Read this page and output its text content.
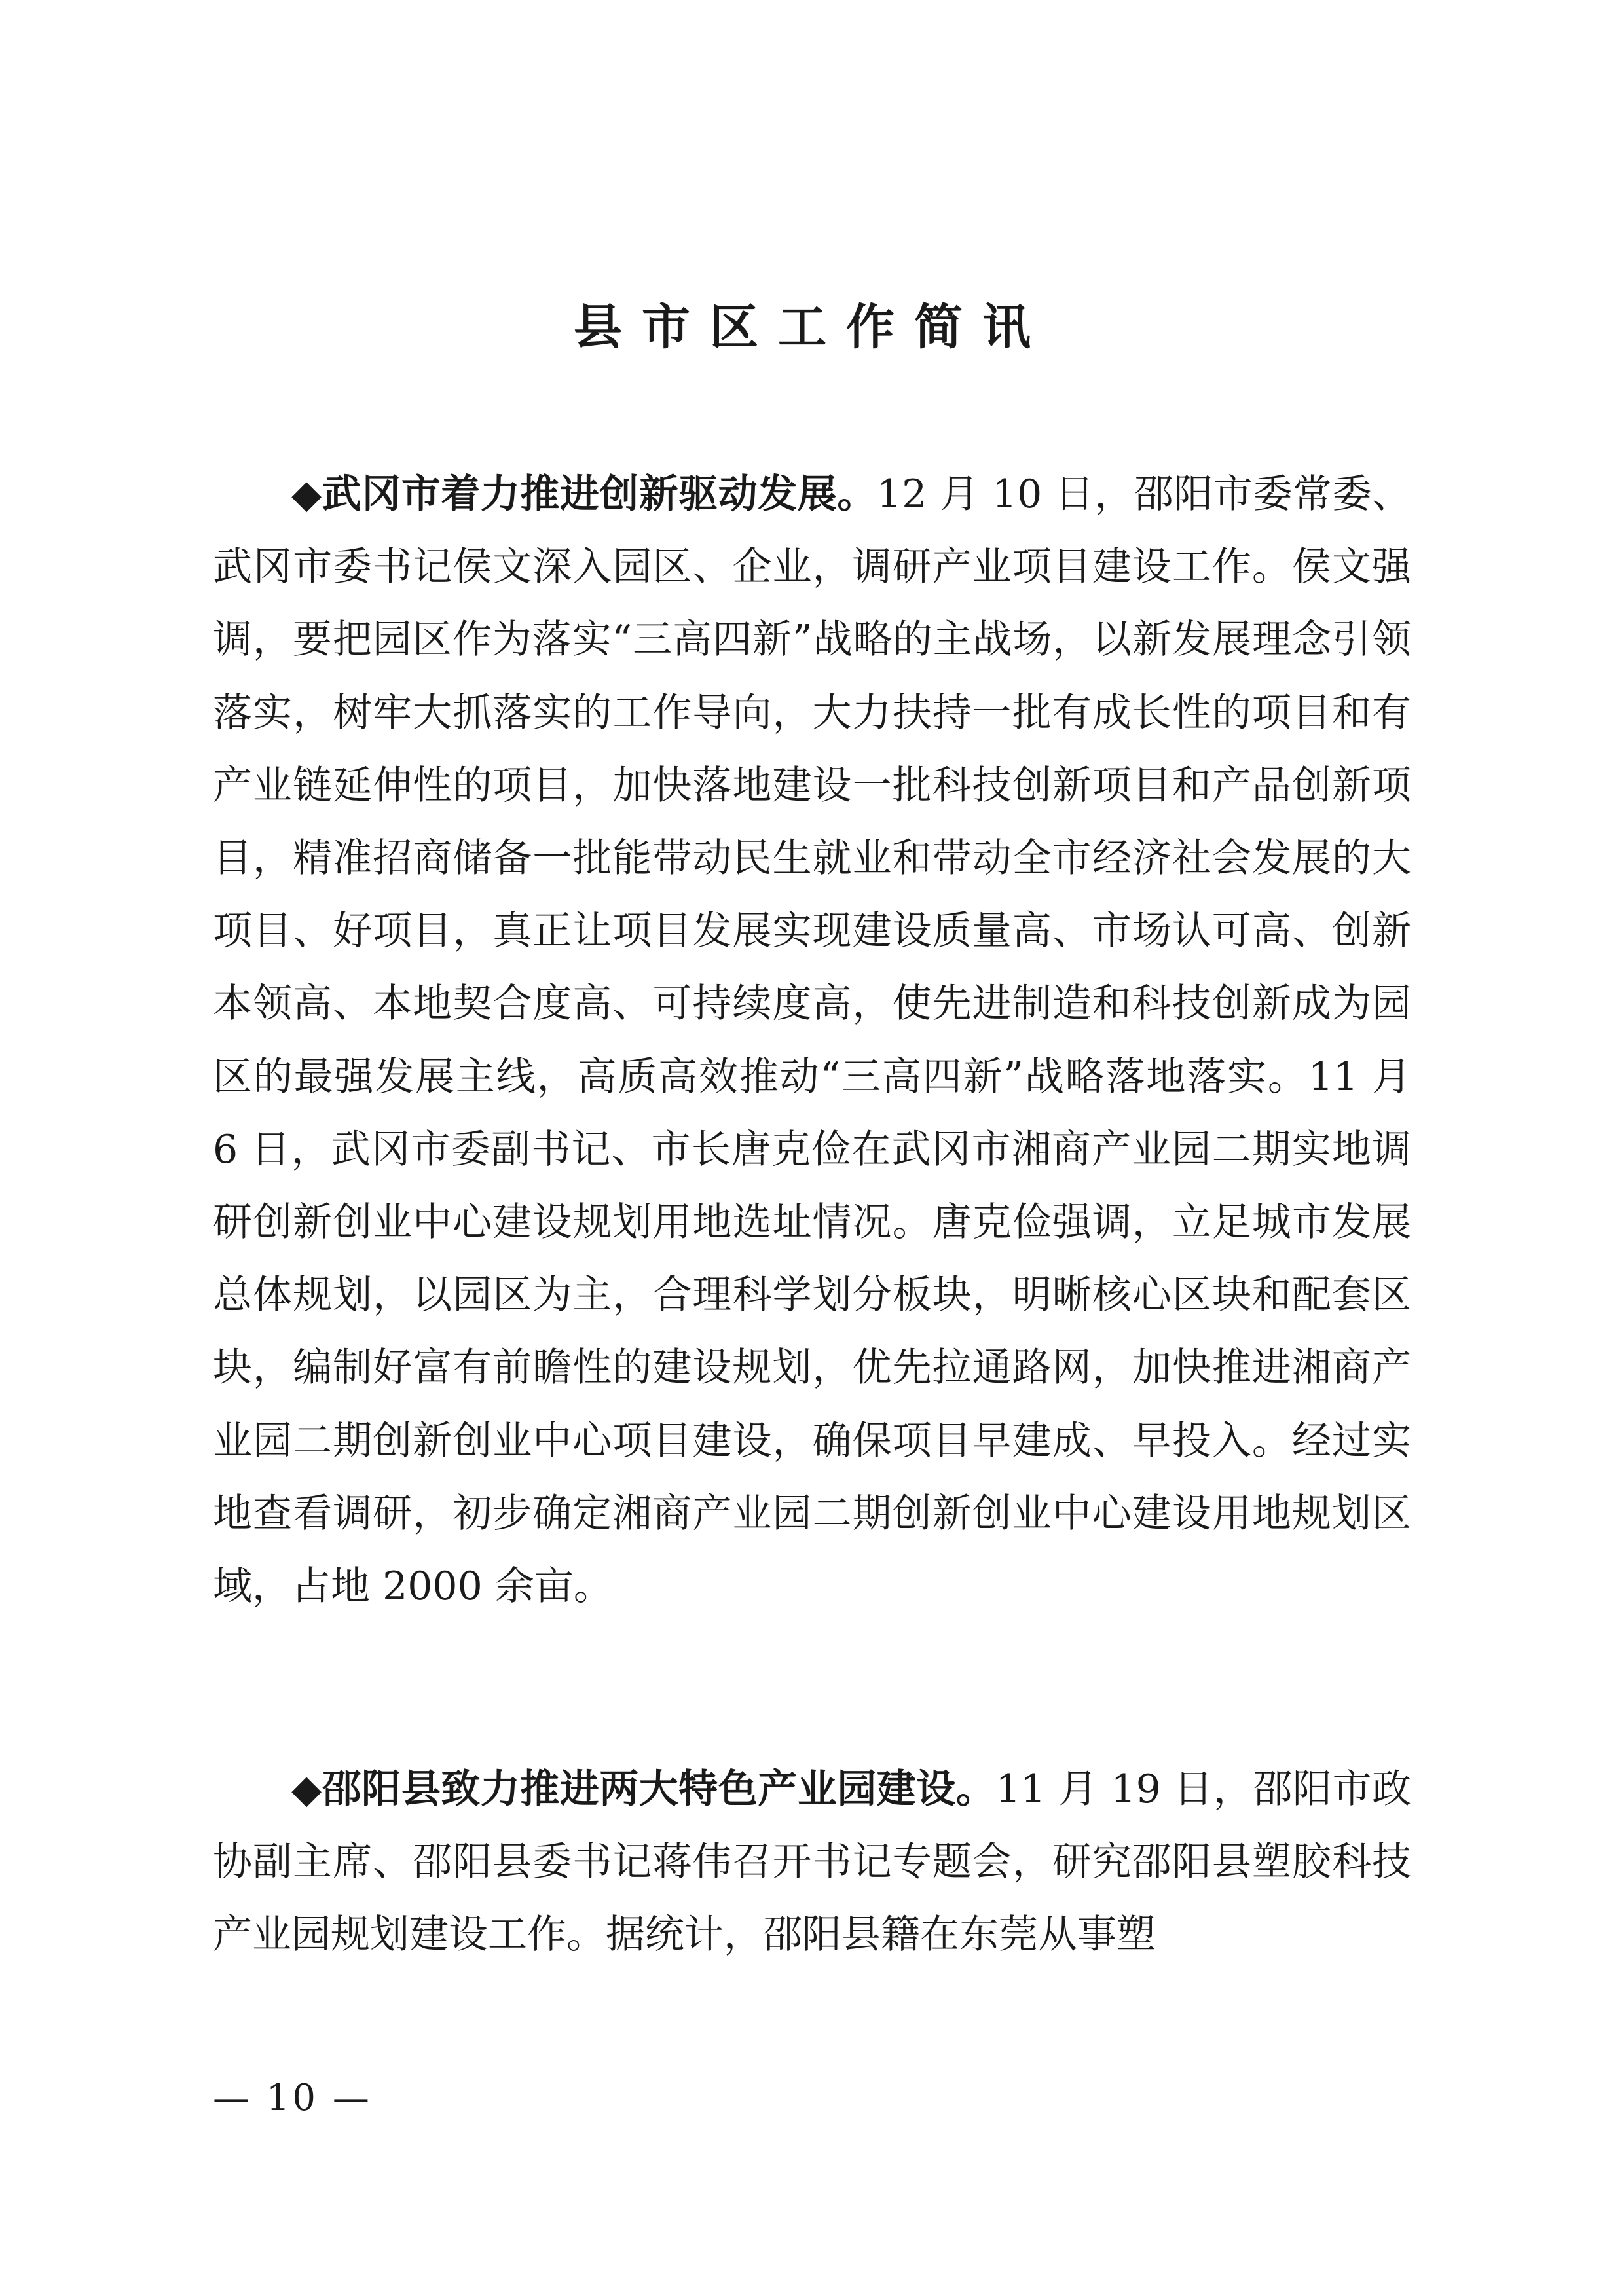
县市区工作简讯

◆武冈市着力推进创新驱动发展。12 月 10 日，邵阳市委常委、武冈市委书记侯文深入园区、企业，调研产业项目建设工作。侯文强调，要把园区作为落实“三高四新”战略的主战场，以新发展理念引领落实，树牢大抓落实的工作导向，大力扶持一批有成长性的项目和有产业链延伸性的项目，加快落地建设一批科技创新项目和产品创新项目，精准招商储备一批能带动民生就业和带动全市经济社会发展的大项目、好项目，真正让项目发展实现建设质量高、市场认可高、创新本领高、本地契合度高、可持续度高，使先进制造和科技创新成为园区的最强发展主线，高质高效推动“三高四新”战略落地落实。11 月 6 日，武冈市委副书记、市长唐克俭在武冈市湘商产业园二期实地调研创新创业中心建设规划用地选址情况。唐克俭强调，立足城市发展总体规划，以园区为主，合理科学划分板块，明晰核心区块和配套区块，编制好富有前瞻性的建设规划，优先拉通路网，加快推进湘商产业园二期创新创业中心项目建设，确保项目早建成、早投入。经过实地查看调研，初步确定湘商产业园二期创新创业中心建设用地规划区域，占地 2000 余亩。

◆邵阳县致力推进两大特色产业园建设。11 月 19 日，邵阳市政协副主席、邵阳县委书记蒋伟召开书记专题会，研究邵阳县塑胶科技产业园规划建设工作。据统计，邵阳县籍在东莞从事塑

— 10 —
